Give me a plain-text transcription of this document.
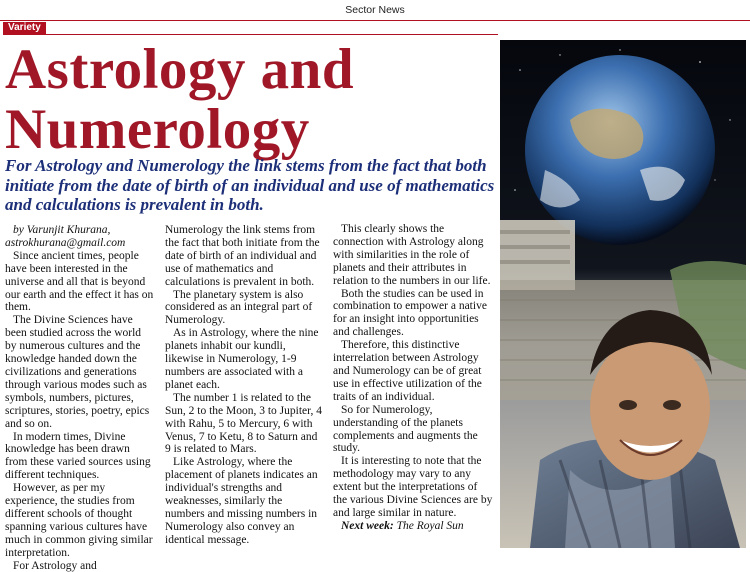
Sector News
Variety
Astrology and
Numerology
For Astrology and Numerology the link stems from the fact that both initiate from the date of birth of an individual and use of mathematics and calculations is prevalent in both.

by Varunjit Khurana,

astrokhurana@gmail.com

Since ancient times, people have been interested in the universe and all that is beyond our earth and the effect it has on them.

The Divine Sciences have been studied across the world by numerous cultures and the knowledge handed down the civilizations and generations through various modes such as symbols, numbers, pictures, scriptures, stories, poetry, epics and so on.

In modern times, Divine knowledge has been drawn from these varied sources using different techniques.

However, as per my experience, the studies from different schools of thought spanning various cultures have much in common giving similar interpretation.

For Astrology and

Numerology the link stems from the fact that both initiate from the date of birth of an individual and use of mathematics and calculations is prevalent in both.

The planetary system is also considered as an integral part of Numerology.

As in Astrology, where the nine planets inhabit our kundli, likewise in Numerology, 1-9 numbers are associated with a planet each.

The number 1 is related to the Sun, 2 to the Moon, 3 to Jupiter, 4 with Rahu, 5 to Mercury, 6 with Venus, 7 to Ketu, 8 to Saturn and 9 is related to Mars.

Like Astrology, where the placement of planets indicates an individual's strengths and weaknesses, similarly the numbers and missing numbers in Numerology also convey an identical message.

This clearly shows the connection with Astrology along with similarities in the role of planets and their attributes in relation to the numbers in our life.

Both the studies can be used in combination to empower a native for an insight into opportunities and challenges.

Therefore, this distinctive interrelation between Astrology and Numerology can be of great use in effective utilization of the traits of an individual.

So for Numerology, understanding of the planets complements and augments the study.

It is interesting to note that the methodology may vary to any extent but the interpretations of the various Divine Sciences are by and large similar in nature.

Next week: The Royal Sun
